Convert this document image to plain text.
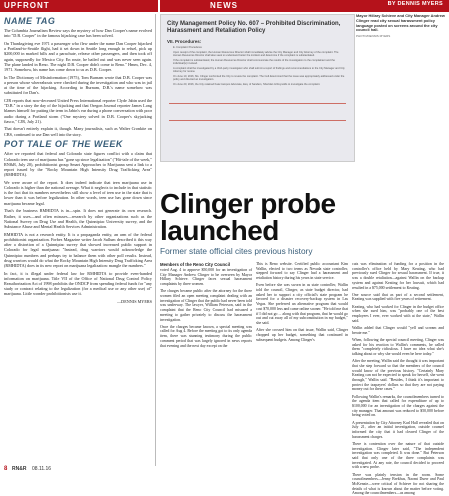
UPFRONT	NEWS	BY DENNIS MYERS
NAME TAG

The Columbia Journalism Review says the mystery of how Dan Cooper's name evolved into "D.B. Cooper" in the famous hijacking case has been solved.

On Thanksgiving eve 1971 a passenger who flew under the name Dan Cooper hijacked a Portland-to-Seattle flight, had it set down in Seattle long enough to refuel, pick up $200,000 in marked bills and a parachute, release other passengers, and then took off again, supposedly for Mexico City. En route, he bailed out and was never seen again. The plane landed in Reno. The night D.B. Cooper didn't come to Reno." Hmm, Dec. 4, 1971. Somehow, his name has come down to us as D.B. Cooper.

In The Dictionary of Misinformation (1975), Tom Burnam wrote that D.B. Cooper was a person whose whereabouts were checked during the investigation and who was in jail at the time of the hijacking. According to Burnam, D.B.'s name somehow was substituted for Dan's.

CJR reports that now-deceased United Press International reporter Clyde Jabin used the "D.B." in a story the day of the hijacking and that Oregon Journal reporter James Long blames himself for putting the term in Jabin's ear during a phone conversation with poor audio during a Portland storm ("One mystery solved in D.B. Cooper's skyjacking fiasco," CJR, July 21).

That doesn't entirely explain it, though. Many journalists, such as Walter Cronkite on CBS, continued to use Dan well into the story.

POT TALE OF THE WEEK

After we reported that federal and Colorado state figures conflict with a claim that Colorado teen use of marijuana has "gone up since legalization" ("Hit-tale of the week," RN&R, July 20), prohibitionist group Smart Approaches to Marijuana sent a link to a report issued by the "Rocky Mountain High Intensity Drug Trafficking Area" (RMHIDTA).

We were aware of the report. It does indeed indicate that teen marijuana use in Colorado is higher than the national average. What it neglects to include in that statistic is the fact that its numbers nevertheless still show a level of teen use in the state that is lower than it was before legalization. In other words, teen use has gone down since marijuana became legal.

That's the business RMHIDTA is in—spin. It does not generate its own research. Rather, it uses—and often misuses—research by other organizations such as the National Survey on Drug Use and Health, the Quinnipiac University survey, and the Substance Abuse and Mental Health Services Administration.

RMHIDTA is not a research entity. It is a propaganda entity, an arm of the federal prohibitionist organization. Forbes Magazine writer Jacob Sullum described it this way after a distortion of a Quinnipiac survey that showed increased public support in Colorado for legal marijuana: "Instead, drug warriors would acknowledge the Quinnipiac numbers and perhaps try to balance them with other poll results. Instead, drug warriors would do what the Rocky Mountain High Intensity Drug Trafficking Area (RMHIDTA) does in its new report on marijuana legalization: mangle the numbers."

In fact, it is illegal under federal law for RMHIDTA to provide even-handed information on marijuana. Title VII of the Office of National Drug Control Policy Reauthorization Act of 1998 prohibits the ONDCP from spending federal funds for "any study or contract relating to the legalization (for a medical use or any other use) of" marijuana. Little wonder prohibitionists use it.

—DENNIS MYERS
City Management Policy No. 607 – Prohibited Discrimination, Harassment and Retaliation Policy
VII. Procedures:

E. Complaint Procedures

Upon receipt of the complaint, the Human Resources Director shall immediately advise the City Manager and City Attorney of the complaint. The Human Resources Director shall also seek to understand better the incident and determine if the complaint is substantiated.

If the complaint is substantiated, the Human Resources Director shall communicate the results of the investigation to the complainant and the individual(s) involved.

A complaint shall be investigated by a third-party investigator who shall submit a report of findings and recommendations to the City Manager and City Attorney for review.

On June 10, 2016, Ms. Clinger confronted the City to review the complaint. The Cell determined that the issue was appropriately addressed under the policy and directed an investigation.

On June 20, 2016, the City retained Kaia Campos Advocate, Esq. of Sanders, Sheridan & Reynolds to investigate the complaint.

Mayor Hillary Schieve and City Manager Andrew Clinger read city sexual harassment policy language posted on screens around the city council hall.
PHOTO/DENNIS MYERS
Clinger probe launched
Former state official cites previous history
Members of the Reno City Council

voted Aug. 4 to approve $50,000 for an investigation of City Manager Andrew Clinger to be overseen by Mayor Hillary Schieve. Clinger faces sexual harassment complaints by three women.

The charges became public after the attorney for the three women filed an open meeting complaint dealing with an investigation of Clinger that the public had never been told was underway. The lawyer, William Peterson, said in the complaint that the Reno City Council had misused a meeting to gather privately to discuss the harassment investigation.

Once the charges became known, a special meeting was called for Aug 4. Before the meeting got to its only agenda item, there was stunning testimony during the public comment period that was largely ignored in news reports that evening and the next day except on the

This is Reno website. Certified public accountant Kim Wallin, elected to two terms as Nevada state controller, stepped forward to say Clinger had a harassment and retaliation history during his years in state service.

Even before she was sworn in as state controller, Wallin told the council, Clinger, as state budget director, had asked her to support a city official's state program he favored for a disaster recovery-backup system in Las Vegas. She preferred an alternative program that would cost $70,000 less and came online sooner. "He told me that if I did not go ... along with that program, that he would go out and cut away all of my subconstitution in my budget," she said.

After she crossed him on that issue, Wallin said, Clinger chopped up her budget, something that continued in subsequent budgets. Among Clinger's

cuts was elimination of funding for a position in the controller's office held by Mary Keating, who had previously sued Clinger for sexual harassment. If true, it was a double retaliation—against Wallin on the backup system and against Keating for her lawsuit, which had resulted in a $75,000 settlement to Keating.

One source said that as part of a second settlement, Keating was supplied with five years of retirement.

Keating, who had worked for Clinger in the budget office when she sued him, was "probably one of the best employees I ever, ever worked with at the state," Wallin said.

Wallin added that Clinger would "yell and scream and berate me."

When, following the special council meeting, Clinger was asked for his reaction to Wallin's comments, he called them "completely ridiculous. I have no idea what she's talking about or why she would even be here today."

After the meeting, Wallin said the thought it was important that she step forward so that the members of the council would know of the previous history. "Certainly Mary Keating can not be expected to speak for herself, she went through," Wallin said. "Besides, I think it's important to protect the taxpayers' dollars so that they are not paying money out for these cases."

Following Wallin's remarks, the councilmembers turned to the agenda item that called for expenditure of up to $100,000 for an investigation of the charges against the city manager. That amount was reduced to $50,000 before being voted on.

A presentation by City Attorney Karl Hall revealed that on July 21, after an initial investigation, outside counsel informed the city that it had cleared Clinger of the harassment charges.

There is contention over the nature of that outside investigation. Clinger later said, "The independent investigation was completed. It was done." But Peterson said that only one of the three complaints was investigated. At any rate, the council decided to proceed with a new probe.

There was plainly tension in the room. Some councilmembers—Jenny Brekhus, Naomi Duerr and Paul McKenzie—were critical of Schieve for not sharing the details of what is known about the matter before voting. Among the councilmembers—as among

8 RN&R 08.11.16
